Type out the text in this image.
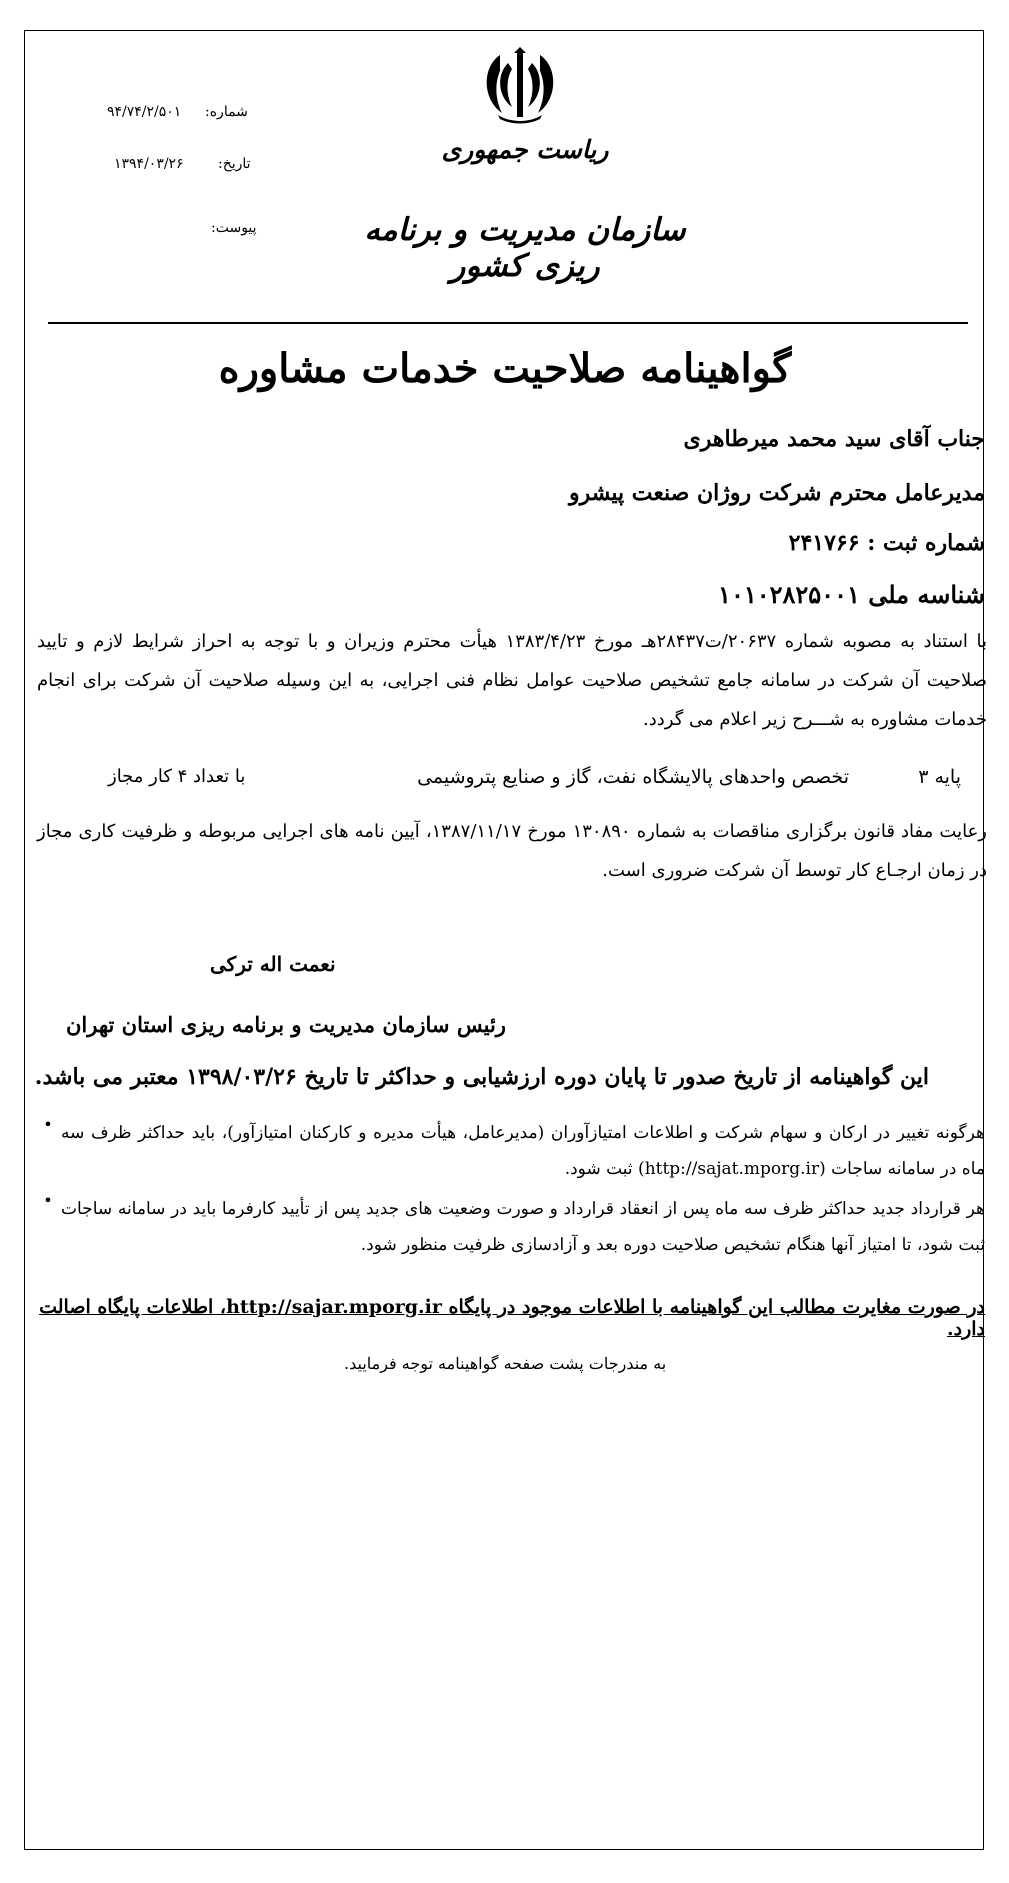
شماره:
۹۴/۷۴/۲/۵۰۱
تاریخ:
۱۳۹۴/۰۳/۲۶
پیوست:
ریاست جمهوری
سازمان مدیریت و برنامه ریزی کشور
گواهینامه صلاحیت خدمات مشاوره
جناب آقای سید محمد میرطاهری
مدیرعامل محترم شرکت روژان صنعت پیشرو
شماره ثبت : ۲۴۱۷۶۶
شناسه ملی ۱۰۱۰۲۸۲۵۰۰۱
با استناد به مصوبه شماره ۲۰۶۳۷/ت۲۸۴۳۷هـ مورخ ۱۳۸۳/۴/۲۳ هیأت محترم وزیران و با توجه به احراز شرایط لازم و تایید صلاحیت آن شرکت در سامانه جامع تشخیص صلاحیت عوامل نظام فنی اجرایی، به این وسیله صلاحیت آن شرکت برای انجام خدمات مشاوره به شـــرح زیر اعلام می گردد.
پایه ۳
تخصص واحدهای پالایشگاه نفت، گاز و صنایع پتروشیمی
با تعداد ۴ کار مجاز
رعایت مفاد قانون برگزاری مناقصات به شماره ۱۳۰۸۹۰ مورخ ۱۳۸۷/۱۱/۱۷، آیین نامه های اجرایی مربوطه و ظرفیت کاری مجاز در زمان ارجـاع کار توسط آن شرکت ضروری است.
نعمت اله ترکی
رئیس سازمان مدیریت و برنامه ریزی استان تهران
این گواهینامه از تاریخ صدور تا پایان دوره ارزشیابی و حداکثر تا تاریخ ۱۳۹۸/۰۳/۲۶ معتبر می باشد.
• هرگونه تغییر در ارکان و سهام شرکت و اطلاعات امتیازآوران (مدیرعامل، هیأت مدیره و کارکنان امتیازآور)، باید حداکثر ظرف سه ماه در سامانه ساجات (http://sajat.mporg.ir) ثبت شود.
• هر قرارداد جدید حداکثر ظرف سه ماه پس از انعقاد قرارداد و صورت وضعیت های جدید پس از تأیید کارفرما باید در سامانه ساجات ثبت شود، تا امتیاز آنها هنگام تشخیص صلاحیت دوره بعد و آزادسازی ظرفیت منظور شود.
در صورت مغایرت مطالب این گواهینامه با اطلاعات موجود در پایگاه http://sajar.mporg.ir، اطلاعات پایگاه اصالت دارد.
به مندرجات پشت صفحه گواهینامه توجه فرمایید.
